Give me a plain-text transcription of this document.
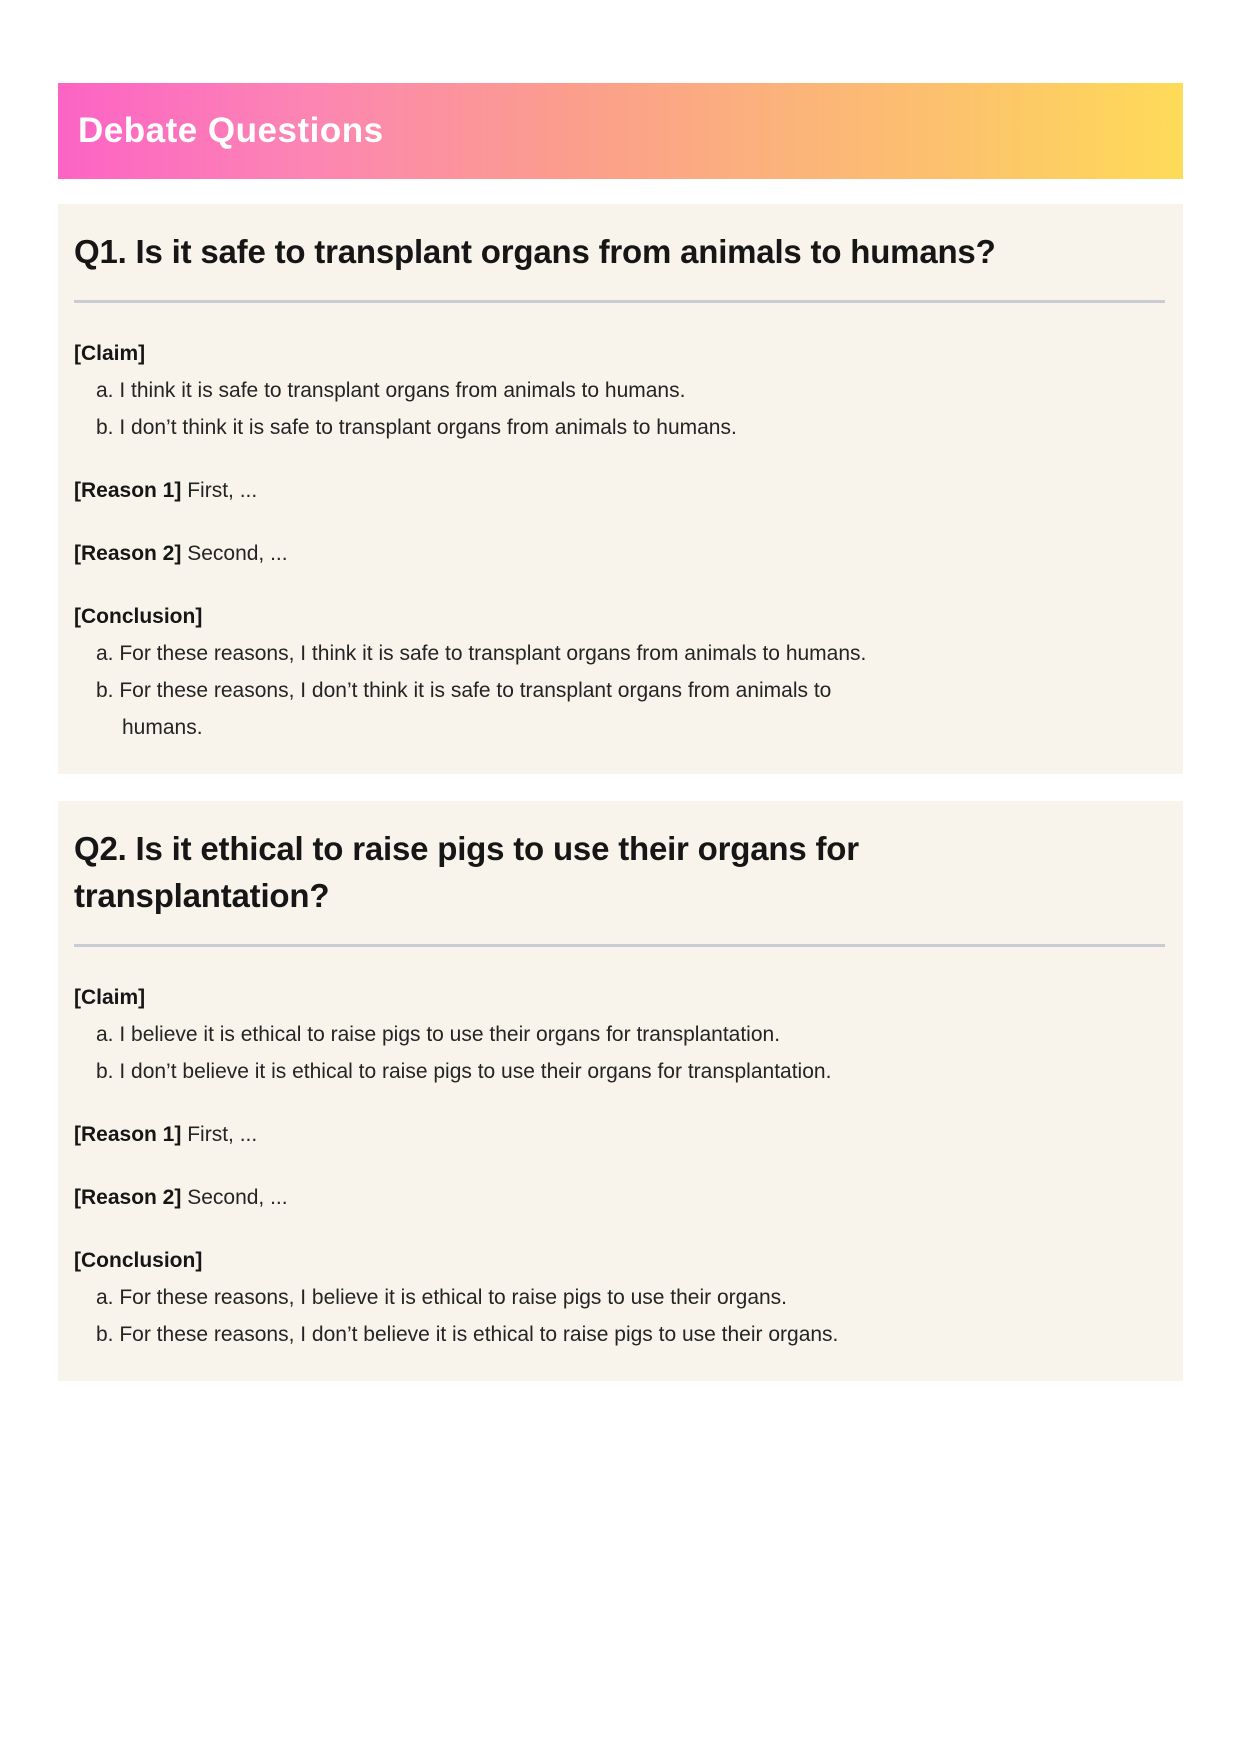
Debate Questions
Q1. Is it safe to transplant organs from animals to humans?

[Claim]

a. I think it is safe to transplant organs from animals to humans.

b. I don’t think it is safe to transplant organs from animals to humans.

[Reason 1] First, ...

[Reason 2] Second, ...

[Conclusion]

a. For these reasons, I think it is safe to transplant organs from animals to humans.

b. For these reasons, I don’t think it is safe to transplant organs from animals to
humans.

Q2. Is it ethical to raise pigs to use their organs for
transplantation?

[Claim]

a. I believe it is ethical to raise pigs to use their organs for transplantation.

b. I don’t believe it is ethical to raise pigs to use their organs for transplantation.

[Reason 1] First, ...

[Reason 2] Second, ...

[Conclusion]

a. For these reasons, I believe it is ethical to raise pigs to use their organs.

b. For these reasons, I don’t believe it is ethical to raise pigs to use their organs.
